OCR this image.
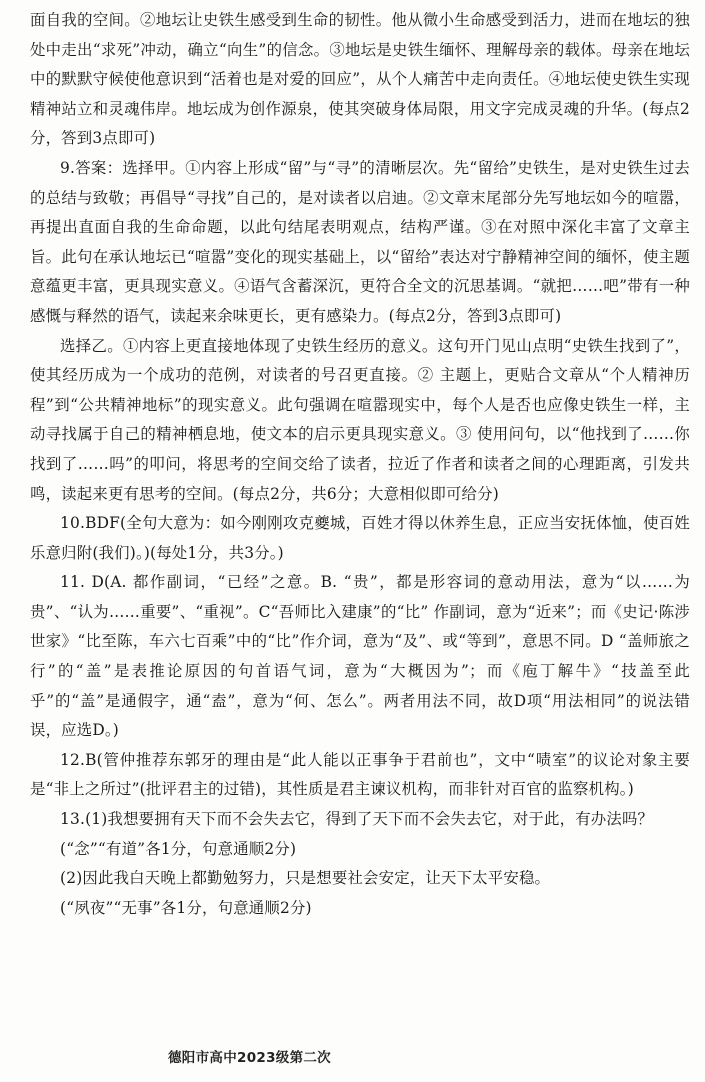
面自我的空间。②地坛让史铁生感受到生命的韧性。他从微小生命感受到活力，进而在地坛的独处中走出“求死”冲动，确立“向生”的信念。③地坛是史铁生缅怀、理解母亲的载体。母亲在地坛中的默默守候使他意识到“活着也是对爱的回应”，从个人痛苦中走向责任。④地坛使史铁生实现精神站立和灵魂伟岸。地坛成为创作源泉，使其突破身体局限，用文字完成灵魂的升华。(每点2分，答到3点即可)

9.答案：选择甲。①内容上形成“留”与“寻”的清晰层次。先“留给”史铁生，是对史铁生过去的总结与致敬；再倡导“寻找”自己的，是对读者以启迪。②文章末尾部分先写地坛如今的喧嚣，再提出直面自我的生命命题，以此句结尾表明观点，结构严谨。③在对照中深化丰富了文章主旨。此句在承认地坛已“喧嚣”变化的现实基础上，以“留给”表达对宁静精神空间的缅怀，使主题意蕴更丰富，更具现实意义。④语气含蓄深沉，更符合全文的沉思基调。“就把……吧”带有一种感慨与释然的语气，读起来余味更长，更有感染力。(每点2分，答到3点即可)

选择乙。①内容上更直接地体现了史铁生经历的意义。这句开门见山点明“史铁生找到了”，使其经历成为一个成功的范例，对读者的号召更直接。② 主题上，更贴合文章从“个人精神历程”到“公共精神地标”的现实意义。此句强调在喧嚣现实中，每个人是否也应像史铁生一样，主动寻找属于自己的精神栖息地，使文本的启示更具现实意义。③ 使用问句，以“他找到了……你找到了……吗”的叩问，将思考的空间交给了读者，拉近了作者和读者之间的心理距离，引发共鸣，读起来更有思考的空间。(每点2分，共6分；大意相似即可给分)

10.BDF(全句大意为：如今刚刚攻克夔城，百姓才得以休养生息，正应当安抚体恤，使百姓乐意归附(我们)。)(每处1分，共3分。)

11. D(A. 都作副词，“已经”之意。B. “贵”，都是形容词的意动用法，意为“以……为贵”、“认为……重要”、“重视”。C“吾师比入建康”的“比” 作副词，意为“近来”；而《史记·陈涉世家》“比至陈，车六七百乘”中的“比”作介词，意为“及”、或“等到”，意思不同。D “盖师旅之行”的“盖”是表推论原因的句首语气词，意为“大概因为”；而《庖丁解牛》“技盖至此乎”的“盖”是通假字，通“盍”，意为“何、怎么”。两者用法不同，故D项“用法相同”的说法错误，应选D。)

12.B(管仲推荐东郭牙的理由是“此人能以正事争于君前也”，文中“啧室”的议论对象主要是“非上之所过”(批评君主的过错)，其性质是君主谏议机构，而非针对百官的监察机构。)

13.(1)我想要拥有天下而不会失去它，得到了天下而不会失去它，对于此，有办法吗？

(“念”“有道”各1分，句意通顺2分)

(2)因此我白天晚上都勤勉努力，只是想要社会安定，让天下太平安稳。

(“夙夜”“无事”各1分，句意通顺2分)

德阳市高中2023级第二次
